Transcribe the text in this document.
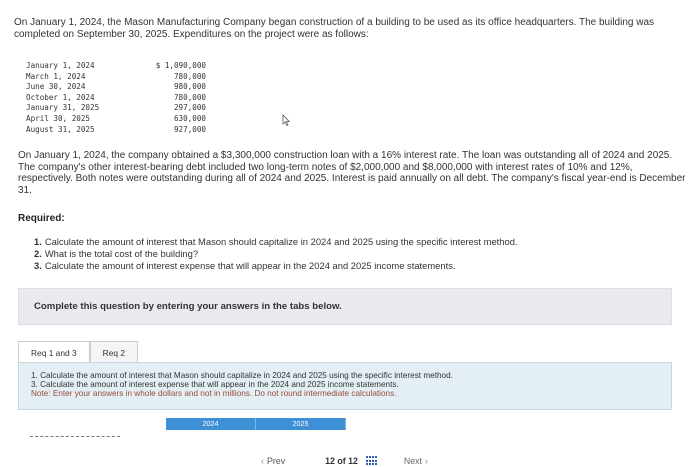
On January 1, 2024, the Mason Manufacturing Company began construction of a building to be used as its office headquarters. The building was completed on September 30, 2025. Expenditures on the project were as follows:

January 1, 2024	$ 1,090,000
March 1, 2024	780,000
June 30, 2024	980,000
October 1, 2024	780,000
January 31, 2025	297,000
April 30, 2025	630,000
August 31, 2025	927,000

On January 1, 2024, the company obtained a $3,300,000 construction loan with a 16% interest rate. The loan was outstanding all of 2024 and 2025. The company's other interest-bearing debt included two long-term notes of $2,000,000 and $8,000,000 with interest rates of 10% and 12%, respectively. Both notes were outstanding during all of 2024 and 2025. Interest is paid annually on all debt. The company's fiscal year-end is December 31.

Required:
1. Calculate the amount of interest that Mason should capitalize in 2024 and 2025 using the specific interest method.
2. What is the total cost of the building?
3. Calculate the amount of interest expense that will appear in the 2024 and 2025 income statements.
Complete this question by entering your answers in the tabs below.
Req 1 and 3	Req 2
1. Calculate the amount of interest that Mason should capitalize in 2024 and 2025 using the specific interest method.
3. Calculate the amount of interest expense that will appear in the 2024 and 2025 income statements.
Note: Enter your answers in whole dollars and not in millions. Do not round intermediate calculations.
2024	2025
‹ Prev	12 of 12	Next ›
